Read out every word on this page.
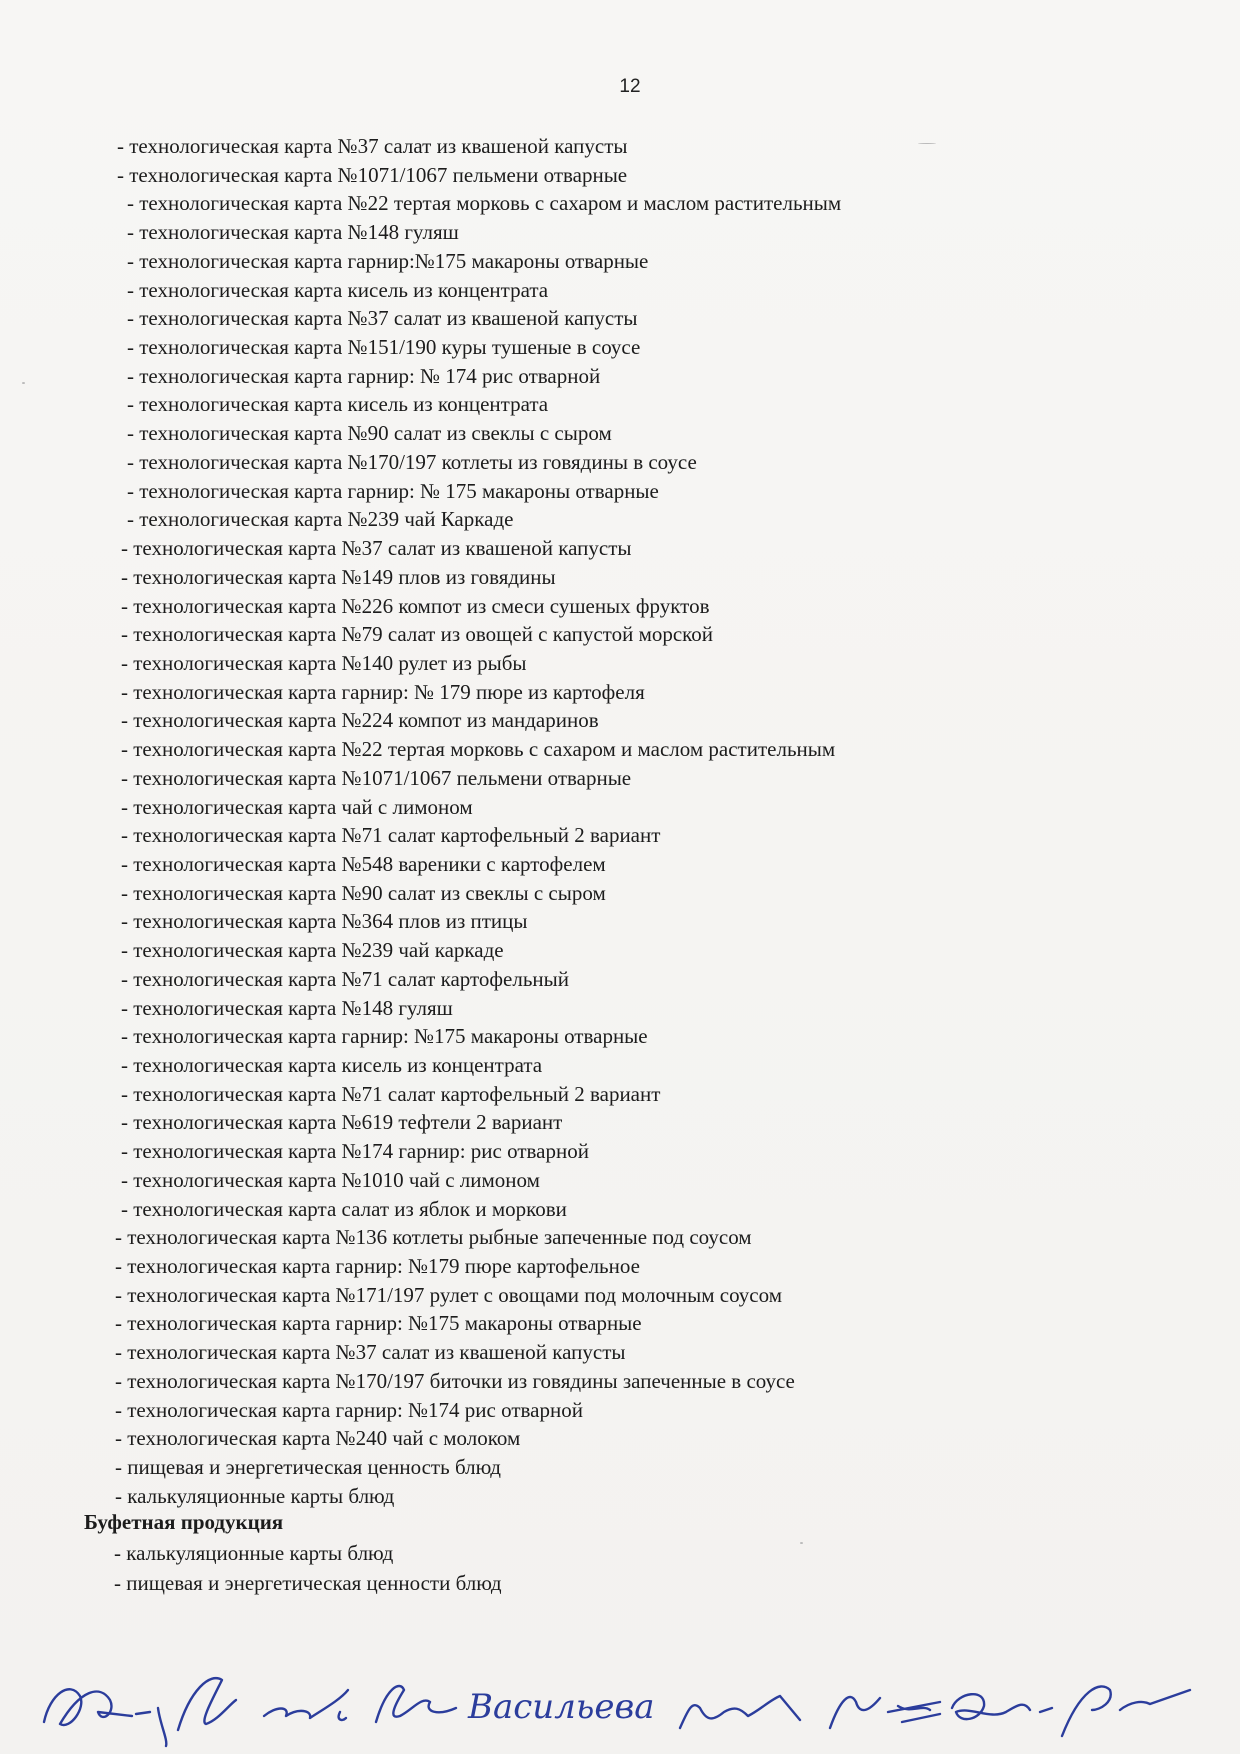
12
- технологическая карта №37 салат из квашеной капусты
- технологическая карта №1071/1067 пельмени отварные
- технологическая карта №22 тертая морковь с сахаром и маслом растительным
- технологическая карта №148 гуляш
- технологическая карта гарнир:№175 макароны отварные
- технологическая карта кисель из концентрата
- технологическая карта №37 салат из квашеной капусты
- технологическая карта №151/190 куры тушеные в соусе
- технологическая карта гарнир: № 174 рис отварной
- технологическая карта кисель из концентрата
- технологическая карта №90 салат из свеклы с сыром
- технологическая карта №170/197 котлеты из говядины в соусе
- технологическая карта гарнир: № 175 макароны отварные
- технологическая карта №239 чай Каркаде
- технологическая карта №37 салат из квашеной капусты
- технологическая карта №149 плов из говядины
- технологическая карта №226 компот из смеси сушеных фруктов
- технологическая карта №79 салат из овощей с капустой морской
- технологическая карта №140 рулет из рыбы
- технологическая карта гарнир: № 179 пюре из картофеля
- технологическая карта №224 компот из мандаринов
- технологическая карта №22 тертая морковь с сахаром и маслом растительным
- технологическая карта №1071/1067 пельмени отварные
- технологическая карта чай с лимоном
- технологическая карта №71 салат картофельный 2 вариант
- технологическая карта №548 вареники с картофелем
- технологическая карта №90 салат из свеклы с сыром
- технологическая карта №364 плов из птицы
- технологическая карта №239 чай каркаде
- технологическая карта №71 салат картофельный
- технологическая карта №148 гуляш
- технологическая карта гарнир: №175 макароны отварные
- технологическая карта кисель из концентрата
- технологическая карта №71 салат картофельный 2 вариант
- технологическая карта №619 тефтели 2 вариант
- технологическая карта №174 гарнир: рис отварной
- технологическая карта №1010 чай с лимоном
- технологическая карта салат из яблок и моркови
- технологическая карта №136 котлеты рыбные запеченные под соусом
- технологическая карта гарнир: №179 пюре картофельное
- технологическая карта №171/197 рулет с овощами под молочным соусом
- технологическая карта гарнир: №175 макароны отварные
- технологическая карта №37 салат из квашеной капусты
- технологическая карта №170/197 биточки из говядины запеченные в соусе
- технологическая карта гарнир: №174 рис отварной
- технологическая карта №240 чай с молоком
- пищевая и энергетическая ценность блюд
- калькуляционные карты блюд
Буфетная продукция
- калькуляционные карты блюд
- пищевая и энергетическая ценности блюд
Васильева
